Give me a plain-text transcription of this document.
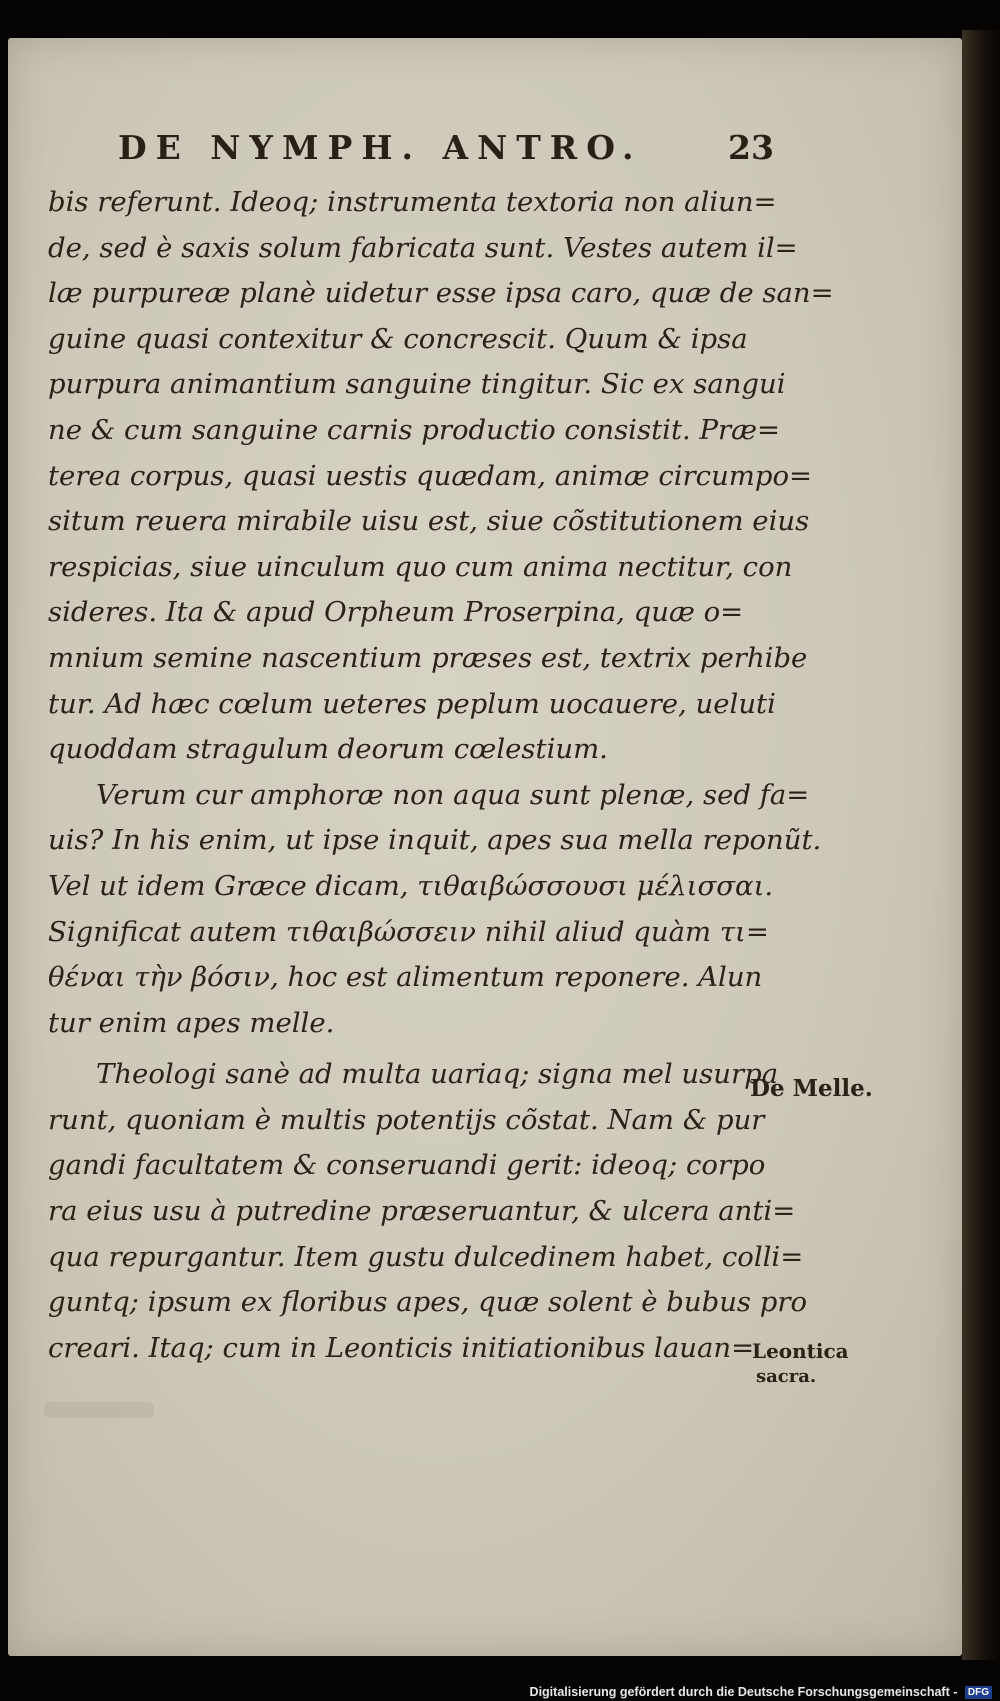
DE NYMPH. ANTRO.	23
bis referunt. Ideoq; instrumenta textoria non aliun=
de, sed è saxis solum fabricata sunt. Vestes autem il=
læ purpureæ planè uidetur esse ipsa caro, quæ de san=
guine quasi contexitur & concrescit. Quum & ipsa
purpura animantium sanguine tingitur. Sic ex sangui
ne & cum sanguine carnis productio consistit. Præ=
terea corpus, quasi uestis quædam, animæ circumpo=
situm reuera mirabile uisu est, siue cõstitutionem eius
respicias, siue uinculum quo cum anima nectitur, con
sideres. Ita & apud Orpheum Proserpina, quæ o=
mnium semine nascentium præses est, textrix perhibe
tur. Ad hæc cœlum ueteres peplum uocauere, ueluti
quoddam stragulum deorum cœlestium.
Verum cur amphoræ non aqua sunt plenæ, sed fa=
uis? In his enim, ut ipse inquit, apes sua mella reponũt.
Vel ut idem Græce dicam, τιθαιβώσσουσι μέλισσαι.
Significat autem τιθαιβώσσειν nihil aliud quàm τι=
θέναι τὴν βόσιν, hoc est alimentum reponere. Alun
tur enim apes melle.
Theologi sanè ad multa uariaq; signa mel usurpa
runt, quoniam è multis potentijs cõstat. Nam & pur
gandi facultatem & conseruandi gerit: ideoq; corpo
ra eius usu à putredine præseruantur, & ulcera anti=
qua repurgantur. Item gustu dulcedinem habet, colli=
guntq; ipsum ex floribus apes, quæ solent è bubus pro
creari. Itaq; cum in Leonticis initiationibus lauan=
De Melle.
Leontica
sacra.
Digitalisierung gefördert durch die Deutsche Forschungsgemeinschaft - DFG
